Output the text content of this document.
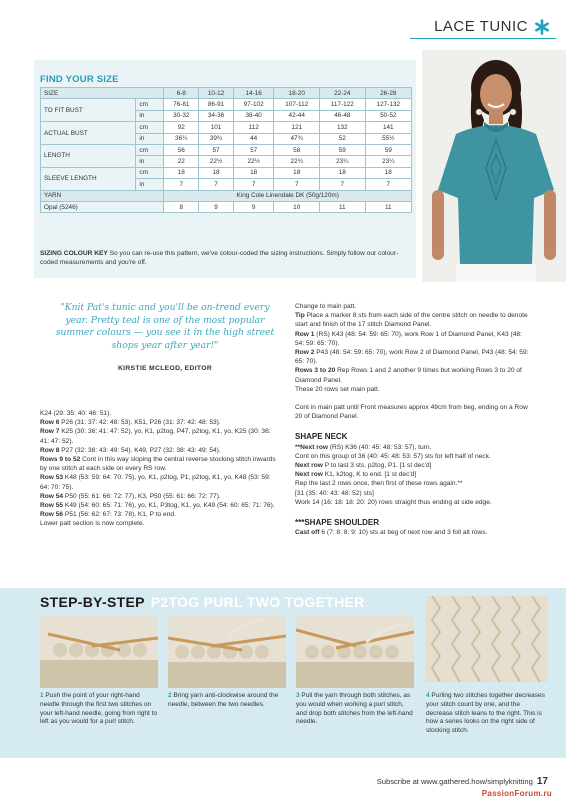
LACE TUNIC
FIND YOUR SIZE
SIZE		6-8	10-12	14-16	18-20	22-24	26-28
TO FIT BUST	cm	76-81	86-91	97-102	107-112	117-122	127-132
	in	30-32	34-36	38-40	42-44	46-48	50-52
ACTUAL BUST	cm	92	101	112	121	132	141
	in	36¼	39¾	44	47¾	52	55½
LENGTH	cm	56	57	57	58	59	59
	in	22	22½	22½	22¾	23¼	23¼
SLEEVE LENGTH	cm	18	18	18	18	18	18
	in	7	7	7	7	7	7
YARN		King Cole Linendale DK (50g/120m)					
Opal (5246)		8	9	9	10	11	11
SIZING COLOUR KEY So you can re-use this pattern, we've colour-coded the sizing instructions. Simply follow our colour-coded measurements and you're off.
"Knit Pat's tunic and you'll be on-trend every year. Pretty teal is one of the most popular summer colours — you see it in the high street shops year after year!"
KIRSTIE MCLEOD, EDITOR

K24 (29: 35: 40: 46: 51).

Row 6 P26 (31: 37: 42: 48: 53). K51, P26 (31: 37: 42: 48: 53).

Row 7 K25 (30: 36: 41: 47: 52), yo, K1, p2tog, P47, p2tog, K1, yo, K25 (30: 36: 41: 47: 52).

Row 8 P27 (32: 38: 43: 49: 54). K49, P27 (32: 38: 43: 49: 54).

Rows 9 to 52 Cont in this way sloping the central reverse stocking stitch inwards by one stitch at each side on every RS row.

Row 53 K48 (53: 59: 64: 70: 75), yo, K1, p2tog, P1, p2tog, K1, yo, K48 (53: 59: 64: 70: 75).

Row 54 P50 (55: 61: 66: 72: 77), K3, P50 (55: 61: 66: 72: 77).

Row 55 K49 (54: 60: 65: 71: 76), yo, K1, P3tog, K1, yo, K49 (54: 60: 65: 71: 76).

Row 56 P51 (56: 62: 67: 73: 78), K1, P to end.

Lower patt section is now complete.

Change to main patt.

Tip Place a marker 8 sts from each side of the centre stitch on needle to denote start and finish of the 17 stitch Diamond Panel.

Row 1 (RS) K43 (48: 54: 59: 65: 70), work Row 1 of Diamond Panel, K43 (48: 54: 59: 65: 70).

Row 2 P43 (48: 54: 59: 65: 70), work Row 2 of Diamond Panel, P43 (48: 54: 59: 65: 70).

Rows 3 to 20 Rep Rows 1 and 2 another 9 times but working Rows 3 to 20 of Diamond Panel.

These 20 rows set main patt.

Cont in main patt until Front measures approx 49cm from beg, ending on a Row 20 of Diamond Panel.

SHAPE NECK

**Next row (RS) K36 (40: 45: 48: 53: 57), turn.

Cont on this group of 36 (40: 45: 48: 53: 57) sts for left half of neck.

Next row P to last 3 sts, p2tog, P1. [1 st dec'd]

Next row K1, k2tog, K to end. [1 st dec'd]

Rep the last 2 rows once, then first of these rows again.**

[31 (35: 40: 43: 48: 52) sts]

Work 14 (16: 18: 18: 20: 20) rows straight thus ending at side edge.

***SHAPE SHOULDER

Cast off 6 (7: 8: 8: 9: 10) sts at beg of next row and 3 foll alt rows.

STEP-BY-STEP P2TOG PURL TWO TOGETHER
1 Push the point of your right-hand needle through the first two stitches on your left-hand needle, going from right to left as you would for a purl stitch.
2 Bring yarn anti-clockwise around the needle, between the two needles.
3 Pull the yarn through both stitches, as you would when working a purl stitch, and drop both stitches from the left-hand needle.
4 Purling two stitches together decreases your stitch count by one, and the decrease stitch leans to the right. This is how a series looks on the right side of stocking stitch.
Subscribe at www.gathered.how/simplyknitting 17
PassionForum.ru
